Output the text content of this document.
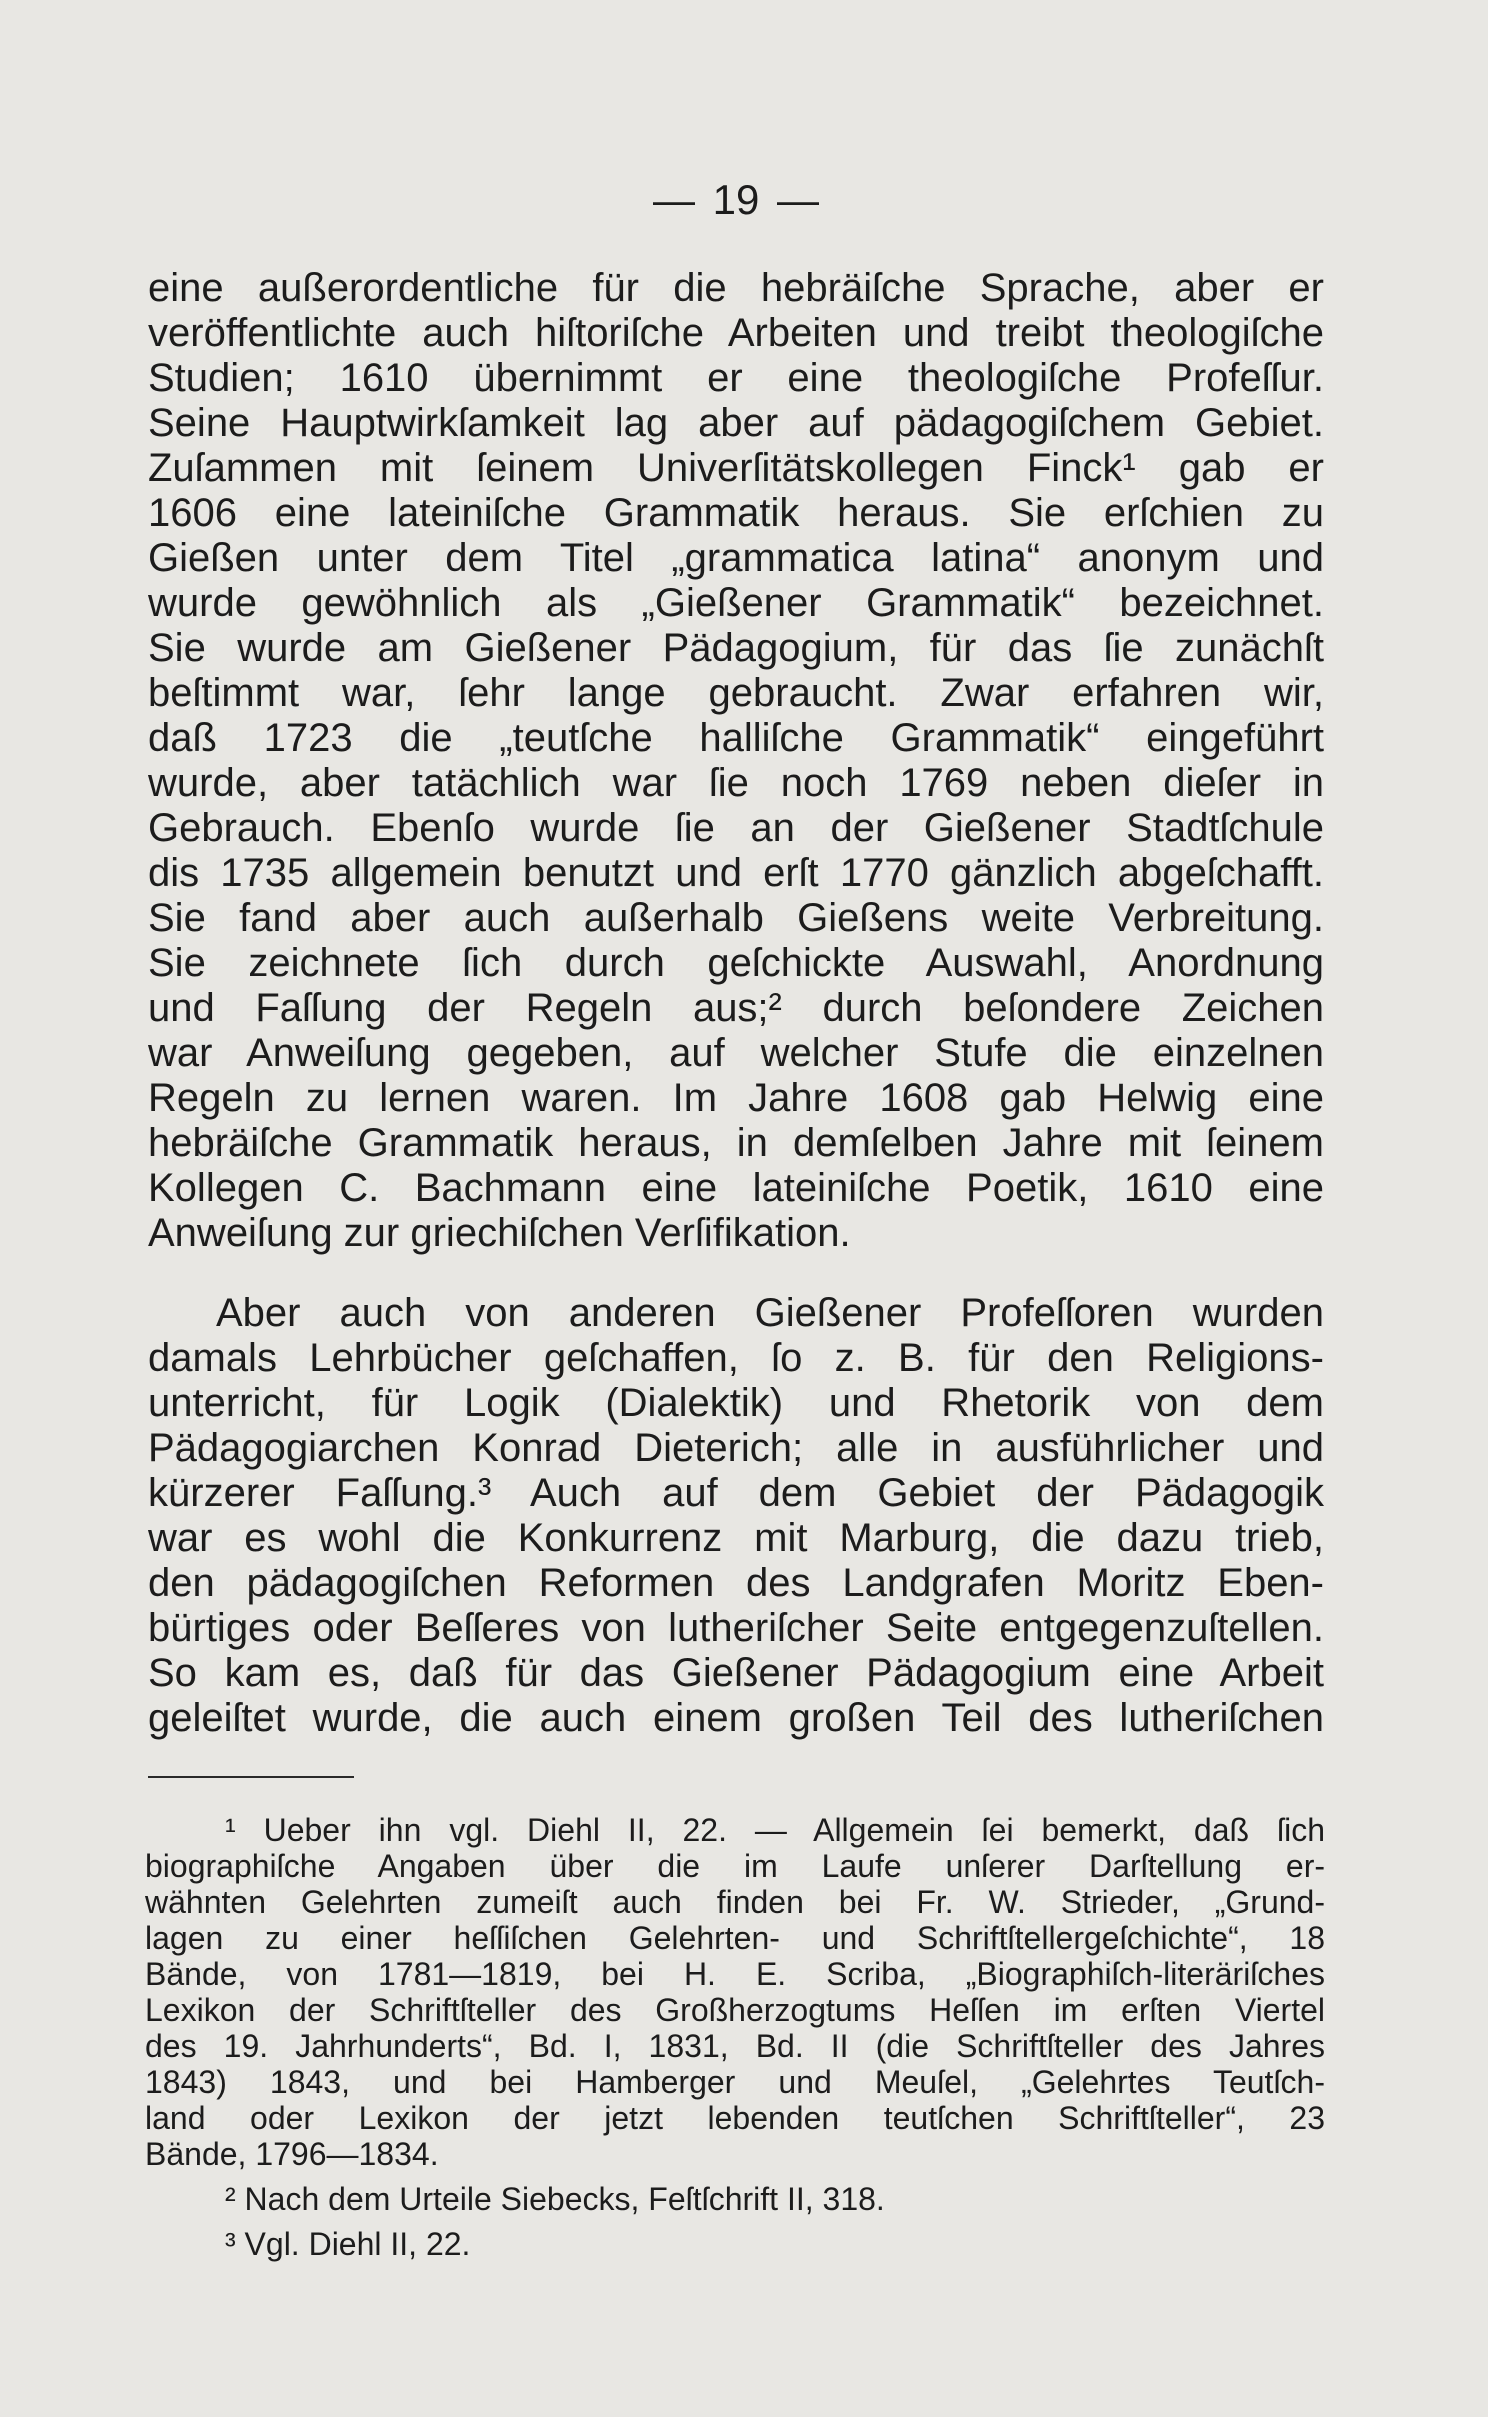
— 19 —
eine außerordentliche für die hebräiſche Sprache, aber er
veröffentlichte auch hiſtoriſche Arbeiten und treibt theologiſche
Studien; 1610 übernimmt er eine theologiſche Profeſſur.
Seine Hauptwirkſamkeit lag aber auf pädagogiſchem Gebiet.
Zuſammen mit ſeinem Univerſitätskollegen Finck¹ gab er
1606 eine lateiniſche Grammatik heraus. Sie erſchien zu
Gießen unter dem Titel „grammatica latina“ anonym und
wurde gewöhnlich als „Gießener Grammatik“ bezeichnet.
Sie wurde am Gießener Pädagogium, für das ſie zunächſt
beſtimmt war, ſehr lange gebraucht. Zwar erfahren wir,
daß 1723 die „teutſche halliſche Grammatik“ eingeführt
wurde, aber tatächlich war ſie noch 1769 neben dieſer in
Gebrauch. Ebenſo wurde ſie an der Gießener Stadtſchule
dis 1735 allgemein benutzt und erſt 1770 gänzlich abgeſchafft.
Sie fand aber auch außerhalb Gießens weite Verbreitung.
Sie zeichnete ſich durch geſchickte Auswahl, Anordnung
und Faſſung der Regeln aus;² durch beſondere Zeichen
war Anweiſung gegeben, auf welcher Stufe die einzelnen
Regeln zu lernen waren. Im Jahre 1608 gab Helwig eine
hebräiſche Grammatik heraus, in demſelben Jahre mit ſeinem
Kollegen C. Bachmann eine lateiniſche Poetik, 1610 eine
Anweiſung zur griechiſchen Verſifikation.
Aber auch von anderen Gießener Profeſſoren wurden
damals Lehrbücher geſchaffen, ſo z. B. für den Religions-
unterricht, für Logik (Dialektik) und Rhetorik von dem
Pädagogiarchen Konrad Dieterich; alle in ausführlicher und
kürzerer Faſſung.³ Auch auf dem Gebiet der Pädagogik
war es wohl die Konkurrenz mit Marburg, die dazu trieb,
den pädagogiſchen Reformen des Landgrafen Moritz Eben-
bürtiges oder Beſſeres von lutheriſcher Seite entgegenzuſtellen.
So kam es, daß für das Gießener Pädagogium eine Arbeit
geleiſtet wurde, die auch einem großen Teil des lutheriſchen
¹ Ueber ihn vgl. Diehl II, 22. — Allgemein ſei bemerkt, daß ſich
biographiſche Angaben über die im Laufe unſerer Darſtellung er-
wähnten Gelehrten zumeiſt auch finden bei Fr. W. Strieder, „Grund-
lagen zu einer heſſiſchen Gelehrten- und Schriftſtellergeſchichte“, 18
Bände, von 1781—1819, bei H. E. Scriba, „Biographiſch-literäriſches
Lexikon der Schriftſteller des Großherzogtums Heſſen im erſten Viertel
des 19. Jahrhunderts“, Bd. I, 1831, Bd. II (die Schriftſteller des Jahres
1843) 1843, und bei Hamberger und Meuſel, „Gelehrtes Teutſch-
land oder Lexikon der jetzt lebenden teutſchen Schriftſteller“, 23
Bände, 1796—1834.
² Nach dem Urteile Siebecks, Feſtſchrift II, 318.
³ Vgl. Diehl II, 22.
